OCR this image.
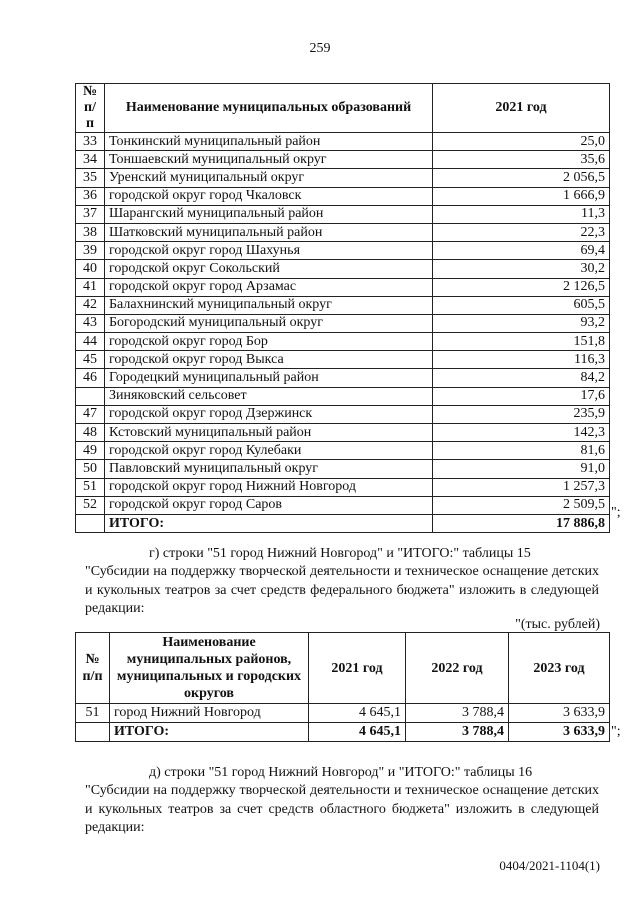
259
№ п/п	Наименование муниципальных образований	2021 год
33	Тонкинский муниципальный район	25,0
34	Тоншаевский муниципальный округ	35,6
35	Уренский муниципальный округ	2 056,5
36	городской округ город Чкаловск	1 666,9
37	Шарангский муниципальный район	11,3
38	Шатковский муниципальный район	22,3
39	городской округ город Шахунья	69,4
40	городской округ Сокольский	30,2
41	городской округ город Арзамас	2 126,5
42	Балахнинский муниципальный округ	605,5
43	Богородский муниципальный округ	93,2
44	городской округ город Бор	151,8
45	городской округ город Выкса	116,3
46	Городецкий муниципальный район	84,2
	Зиняковский сельсовет	17,6
47	городской округ город Дзержинск	235,9
48	Кстовский муниципальный район	142,3
49	городской округ город Кулебаки	81,6
50	Павловский муниципальный округ	91,0
51	городской округ город Нижний Новгород	1 257,3
52	городской округ город Саров	2 509,5
	ИТОГО:	17 886,8
";

г) строки "51 город Нижний Новгород" и "ИТОГО:" таблицы 15

"Субсидии на поддержку творческой деятельности и техническое оснащение детских и кукольных театров за счет средств федерального бюджета" изложить в следующей редакции:

"(тыс. рублей)
№ п/п	Наименование муниципальных районов, муниципальных и городских округов	2021 год	2022 год	2023 год
51	город Нижний Новгород	4 645,1	3 788,4	3 633,9
	ИТОГО:	4 645,1	3 788,4	3 633,9 ";

д) строки "51 город Нижний Новгород" и "ИТОГО:" таблицы 16

"Субсидии на поддержку творческой деятельности и техническое оснащение детских и кукольных театров за счет средств областного бюджета" изложить в следующей редакции:

0404/2021-1104(1)
